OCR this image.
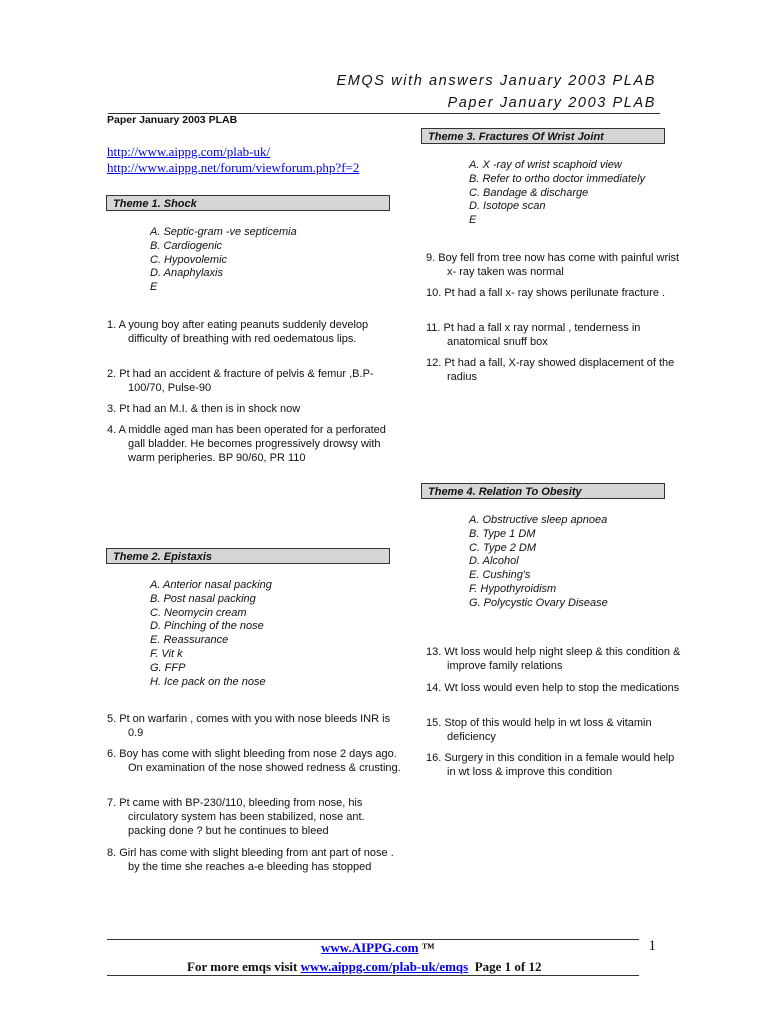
EMQS with answers January 2003 PLAB
Paper January 2003 PLAB
Paper January 2003 PLAB
http://www.aippg.com/plab-uk/
http://www.aippg.net/forum/viewforum.php?f=2
Theme 1. Shock
A. Septic-gram -ve septicemia
B. Cardiogenic
C. Hypovolemic
D. Anaphylaxis
E

1. A young boy after eating peanuts suddenly develop difficulty of breathing with red oedematous lips.

2. Pt had an accident & fracture of pelvis & femur ,B.P-100/70, Pulse-90

3. Pt had an M.I. & then is in shock now

4. A middle aged man has been operated for a perforated gall bladder. He becomes progressively drowsy with warm peripheries. BP 90/60, PR 110

Theme 2. Epistaxis
A. Anterior nasal packing
B. Post nasal packing
C. Neomycin cream
D. Pinching of the nose
E. Reassurance
F. Vit k
G. FFP
H. Ice pack on the nose

5. Pt on warfarin , comes with you with nose bleeds INR is 0.9

6. Boy has come with slight bleeding from nose 2 days ago. On examination of the nose showed redness & crusting.

7. Pt came with BP-230/110, bleeding from nose, his circulatory system has been stabilized, nose ant. packing done ? but he continues to bleed

8. Girl has come with slight bleeding from ant part of nose . by the time she reaches a-e bleeding has stopped

Theme 3. Fractures Of Wrist Joint
A. X -ray of wrist scaphoid view
B. Refer to ortho doctor immediately
C. Bandage & discharge
D. Isotope scan
E

9. Boy fell from tree now has come with painful wrist x- ray taken was normal

10. Pt had a fall x- ray shows perilunate fracture .

11. Pt had a fall x ray normal , tenderness in anatomical snuff box

12. Pt had a fall, X-ray showed displacement of the radius

Theme 4. Relation To Obesity
A. Obstructive sleep apnoea
B. Type 1 DM
C. Type 2 DM
D. Alcohol
E. Cushing's
F. Hypothyroidism
G. Polycystic Ovary Disease

13. Wt loss would help night sleep & this condition & improve family relations

14. Wt loss would even help to stop the medications

15. Stop of this would help in wt loss & vitamin deficiency

16. Surgery in this condition in a female would help in wt loss & improve this condition

1
www.AIPPG.com ™
For more emqs visit www.aippg.com/plab-uk/emqs Page 1 of 12
